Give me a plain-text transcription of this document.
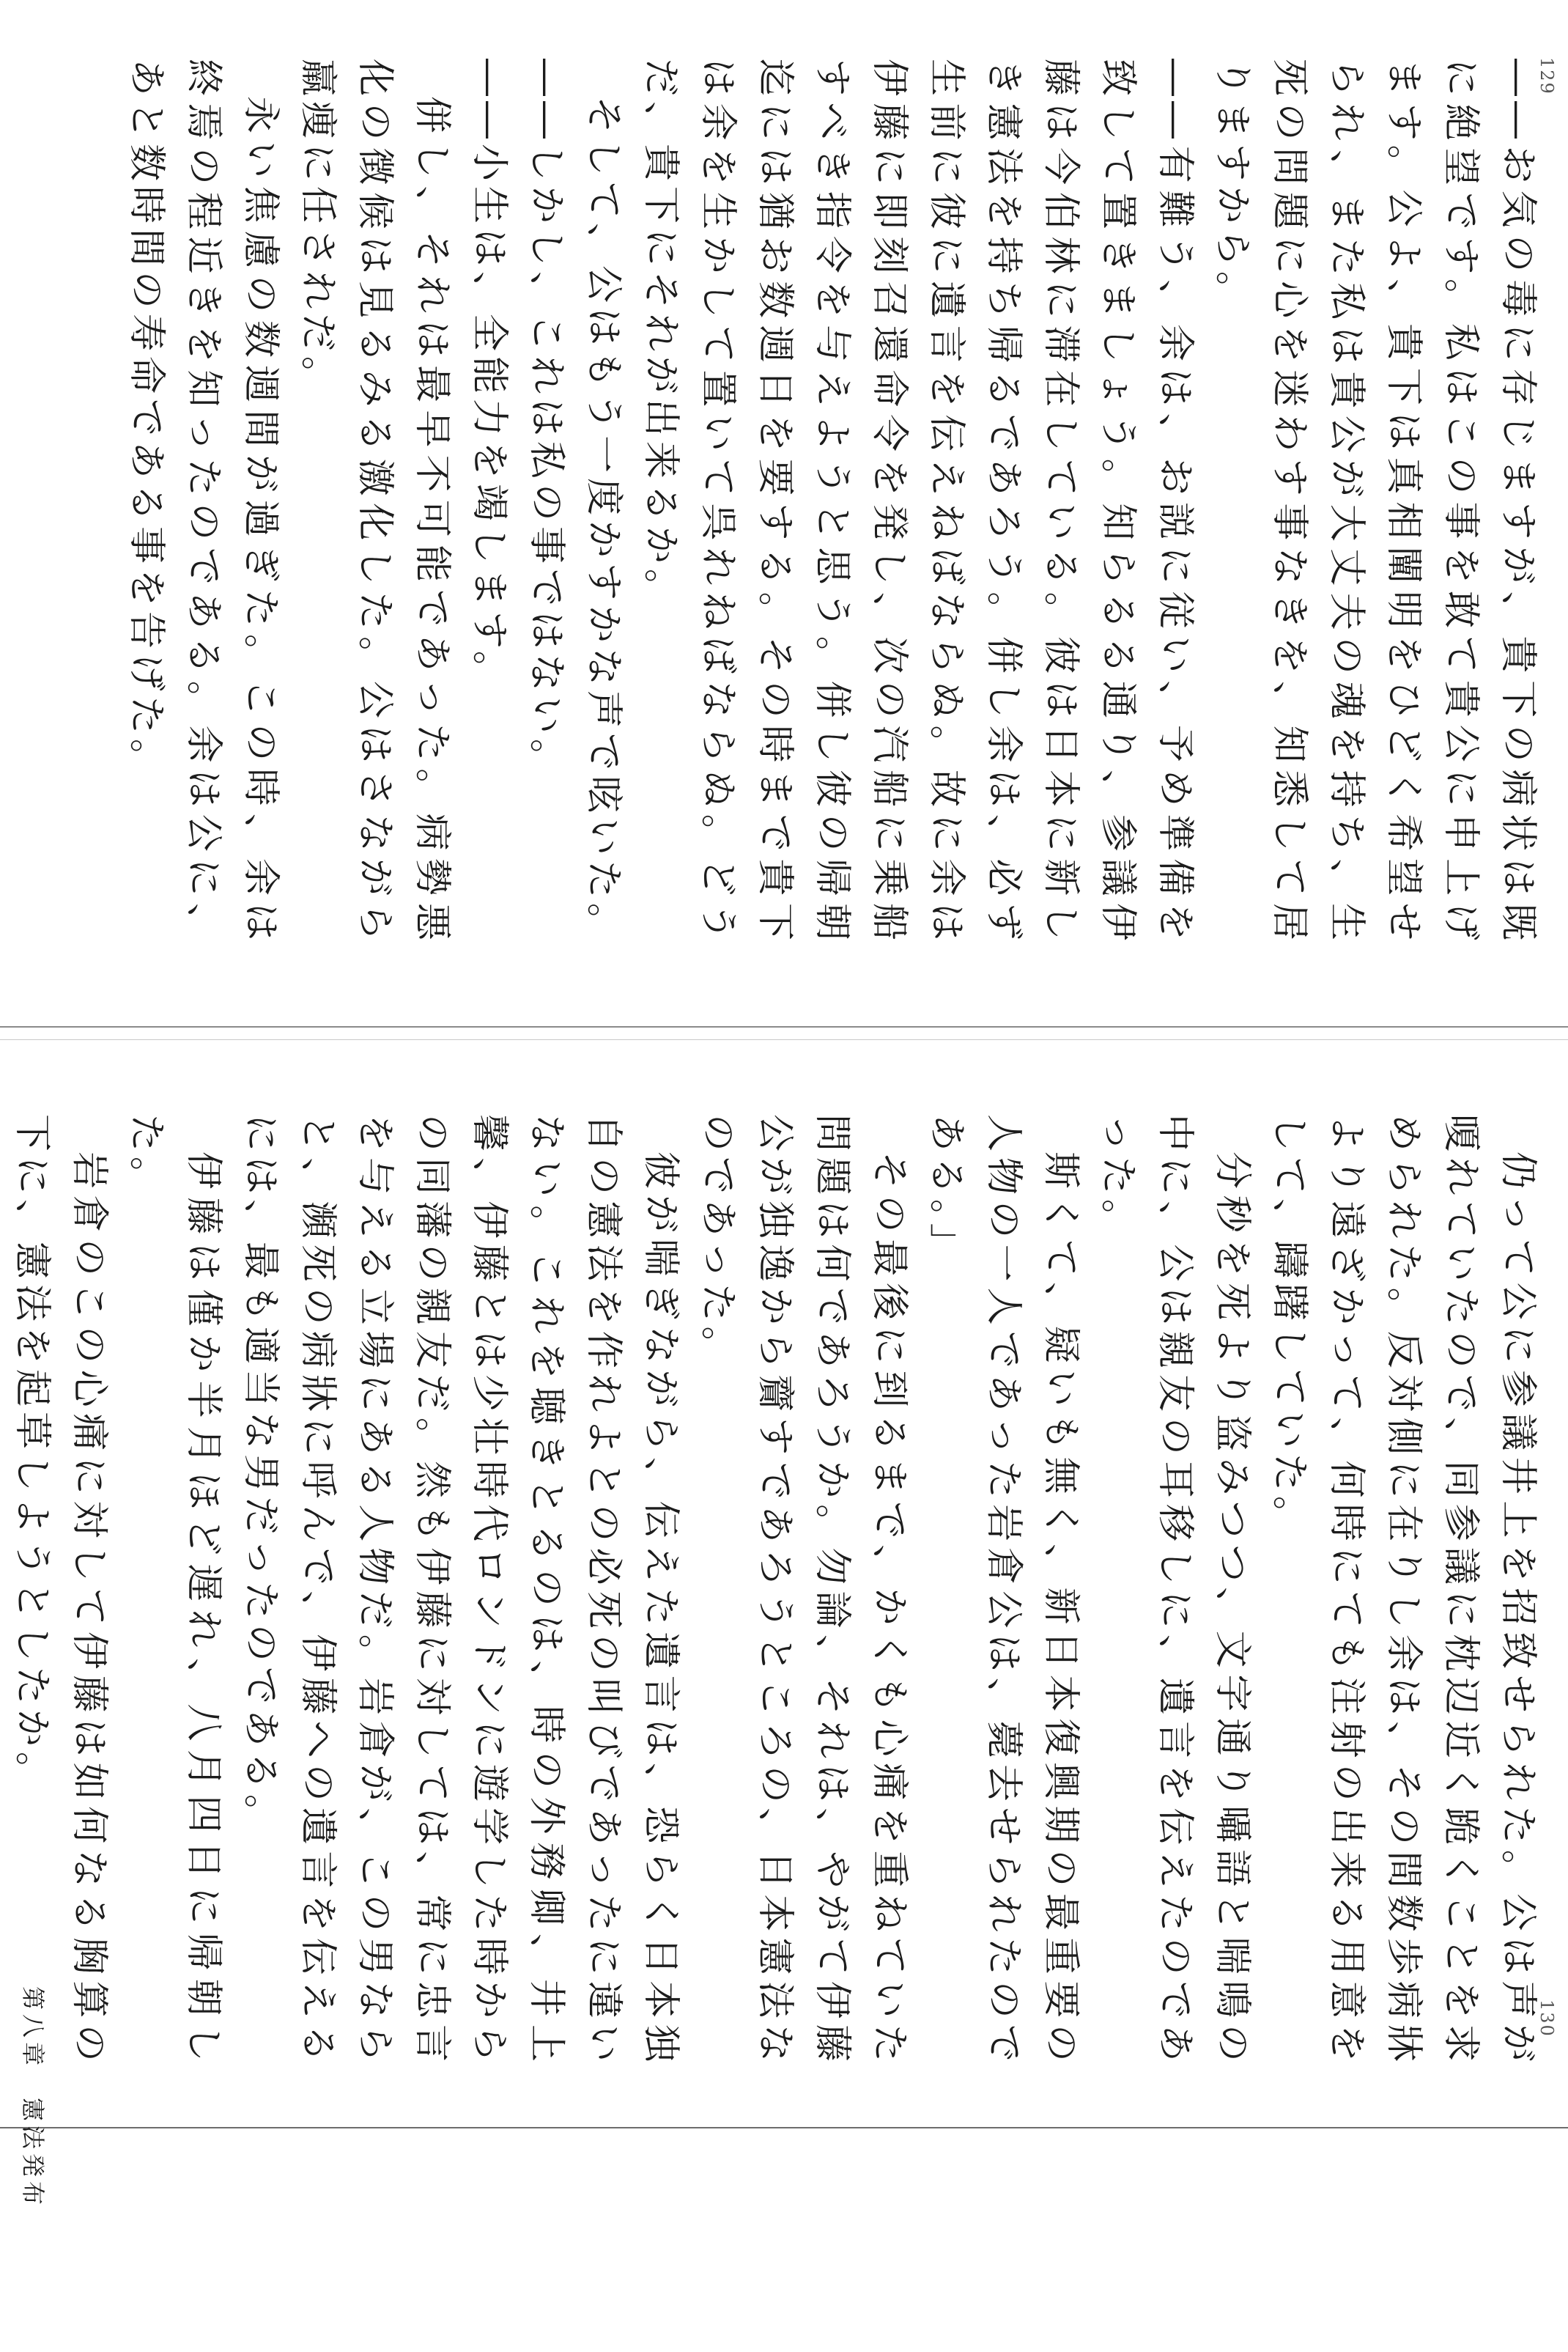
129

――お気の毒に存じますが、貴下の病状は既に絶望です。私はこの事を敢て貴公に申上げます。公よ、貴下は真相闡明をひどく希望せられ、また私は貴公が大丈夫の魂を持ち、生死の問題に心を迷わす事なきを、知悉して居りますから。

――有難う、余は、お説に従い、予め準備を致して置きましょう。知らるる通り、参議伊藤は今伯林に滞在している。彼は日本に新しき憲法を持ち帰るであろう。併し余は、必ず生前に彼に遺言を伝えねばならぬ。故に余は伊藤に即刻召還命令を発し、次の汽船に乗船すべき指令を与えようと思う。併し彼の帰朝迄には猶お数週日を要する。その時まで貴下は余を生かして置いて呉れねばならぬ。どうだ、貴下にそれが出来るか。

そして、公はもう一度かすかな声で呟いた。

――しかし、これは私の事ではない。

――小生は、全能力を竭します。

併し、それは最早不可能であった。病勢悪化の徴候は見るみる激化した。公はさながら羸痩に任されだ。

永い焦慮の数週間が過ぎた。この時、余は終焉の程近きを知ったのである。余は公に、あと数時間の寿命である事を告げた。

仍って公に参議井上を招致せられた。公は声が嗄れていたので、同参議に枕辺近く跪くことを求められた。反対側に在りし余は、その間数歩病牀より遠ざかって、何時にても注射の出来る用意をして、躊躇していた。

分秒を死より盗みつつ、文字通り囁語と喘鳴の中に、公は親友の耳移しに、遺言を伝えたのであった。

斯くて、疑いも無く、新日本復興期の最重要の人物の一人であった岩倉公は、薨去せられたのである。」

その最後に到るまで、かくも心痛を重ねていた問題は何であろうか。勿論、それは、やがて伊藤公が独逸から齎すであろうところの、日本憲法なのであった。

彼が喘ぎながら、伝えた遺言は、恐らく日本独自の憲法を作れよとの必死の叫びであったに違いない。これを聴きとるのは、時の外務卿、井上馨、伊藤とは少壮時代ロンドンに遊学した時からの同藩の親友だ。然も伊藤に対しては、常に忠言を与える立場にある人物だ。岩倉が、この男ならと、瀕死の病牀に呼んで、伊藤への遺言を伝えるには、最も適当な男だったのである。

伊藤は僅か半月ほど遅れ、八月四日に帰朝した。

岩倉のこの心痛に対して伊藤は如何なる胸算の下に、憲法を起草しようとしたか。

第八章　憲法発布	130
